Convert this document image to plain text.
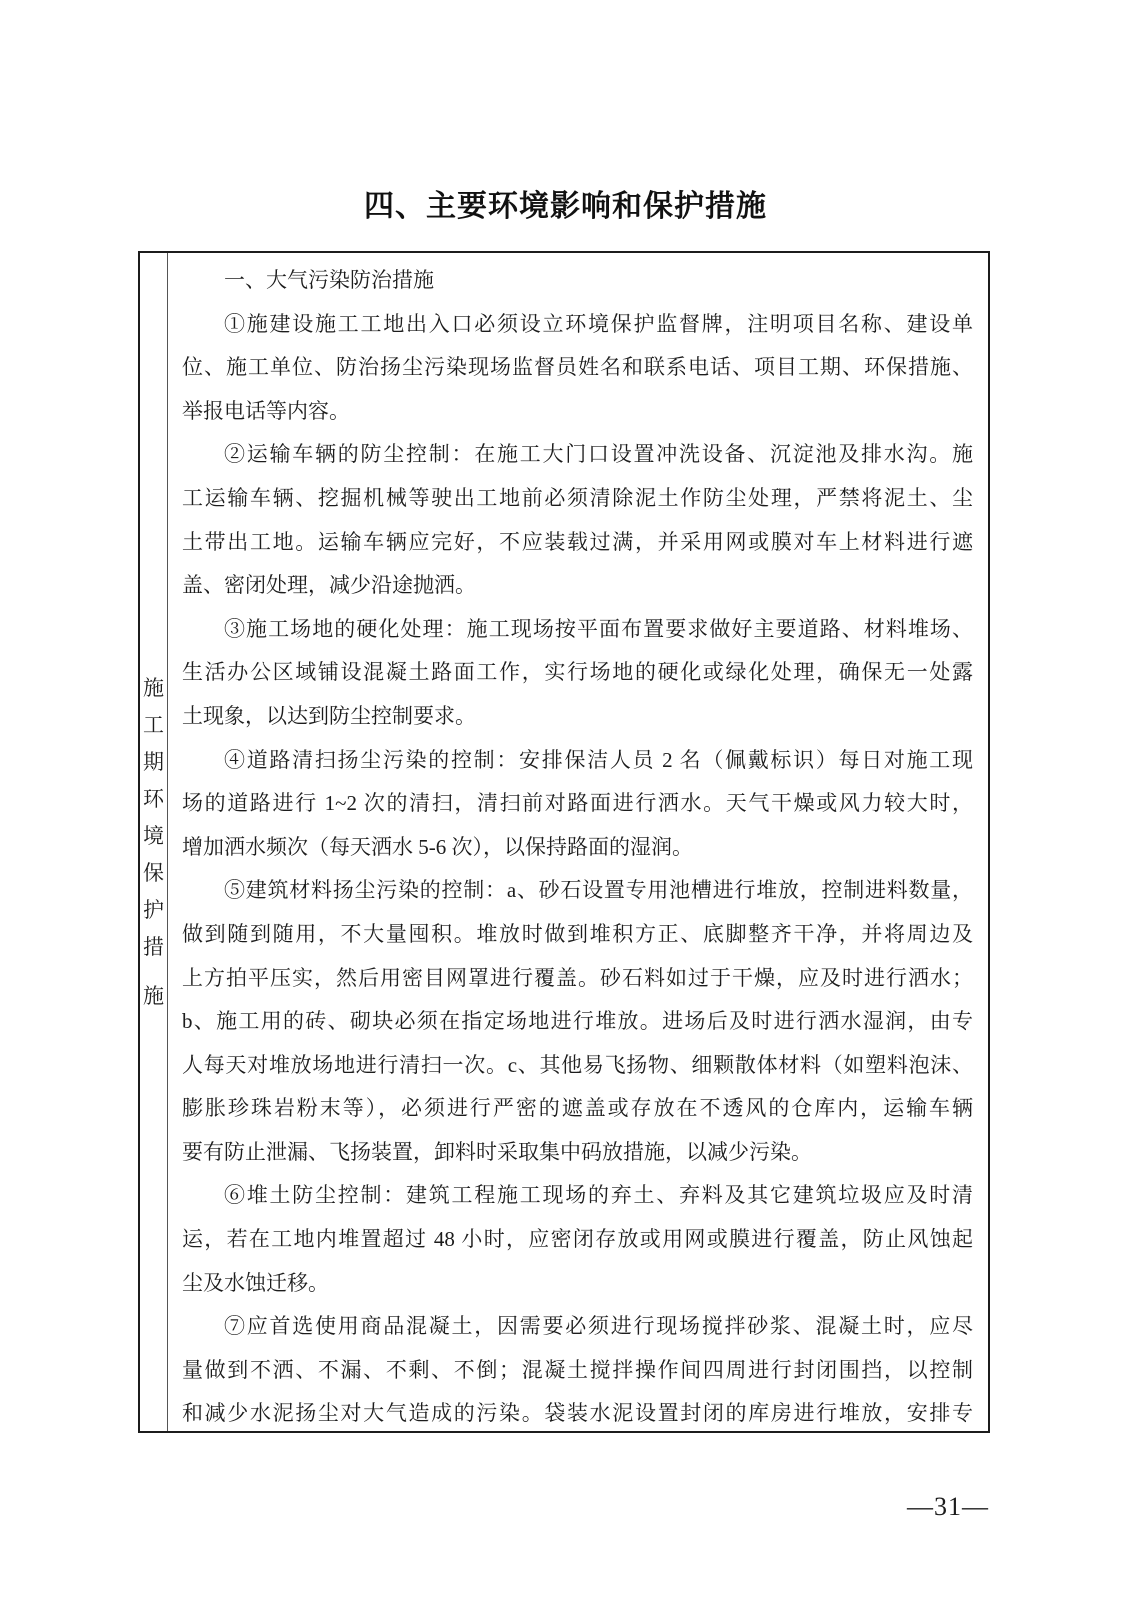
四、主要环境影响和保护措施
施
工
期
环
境
保
护
措
施
一、大气污染防治措施
①施建设施工工地出入口必须设立环境保护监督牌，注明项目名称、建设单
位、施工单位、防治扬尘污染现场监督员姓名和联系电话、项目工期、环保措施、
举报电话等内容。
②运输车辆的防尘控制：在施工大门口设置冲洗设备、沉淀池及排水沟。施
工运输车辆、挖掘机械等驶出工地前必须清除泥土作防尘处理，严禁将泥土、尘
土带出工地。运输车辆应完好，不应装载过满，并采用网或膜对车上材料进行遮
盖、密闭处理，减少沿途抛洒。
③施工场地的硬化处理：施工现场按平面布置要求做好主要道路、材料堆场、
生活办公区域铺设混凝土路面工作，实行场地的硬化或绿化处理，确保无一处露
土现象，以达到防尘控制要求。
④道路清扫扬尘污染的控制：安排保洁人员 2 名（佩戴标识）每日对施工现
场的道路进行 1~2 次的清扫，清扫前对路面进行洒水。天气干燥或风力较大时，
增加洒水频次（每天洒水 5-6 次），以保持路面的湿润。
⑤建筑材料扬尘污染的控制：a、砂石设置专用池槽进行堆放，控制进料数量，
做到随到随用，不大量囤积。堆放时做到堆积方正、底脚整齐干净，并将周边及
上方拍平压实，然后用密目网罩进行覆盖。砂石料如过于干燥，应及时进行洒水；
b、施工用的砖、砌块必须在指定场地进行堆放。进场后及时进行洒水湿润，由专
人每天对堆放场地进行清扫一次。c、其他易飞扬物、细颗散体材料（如塑料泡沫、
膨胀珍珠岩粉末等），必须进行严密的遮盖或存放在不透风的仓库内，运输车辆
要有防止泄漏、飞扬装置，卸料时采取集中码放措施，以减少污染。
⑥堆土防尘控制：建筑工程施工现场的弃土、弃料及其它建筑垃圾应及时清
运，若在工地内堆置超过 48 小时，应密闭存放或用网或膜进行覆盖，防止风蚀起
尘及水蚀迁移。
⑦应首选使用商品混凝土，因需要必须进行现场搅拌砂浆、混凝土时，应尽
量做到不洒、不漏、不剩、不倒；混凝土搅拌操作间四周进行封闭围挡，以控制
和减少水泥扬尘对大气造成的污染。袋装水泥设置封闭的库房进行堆放，安排专
—31—
